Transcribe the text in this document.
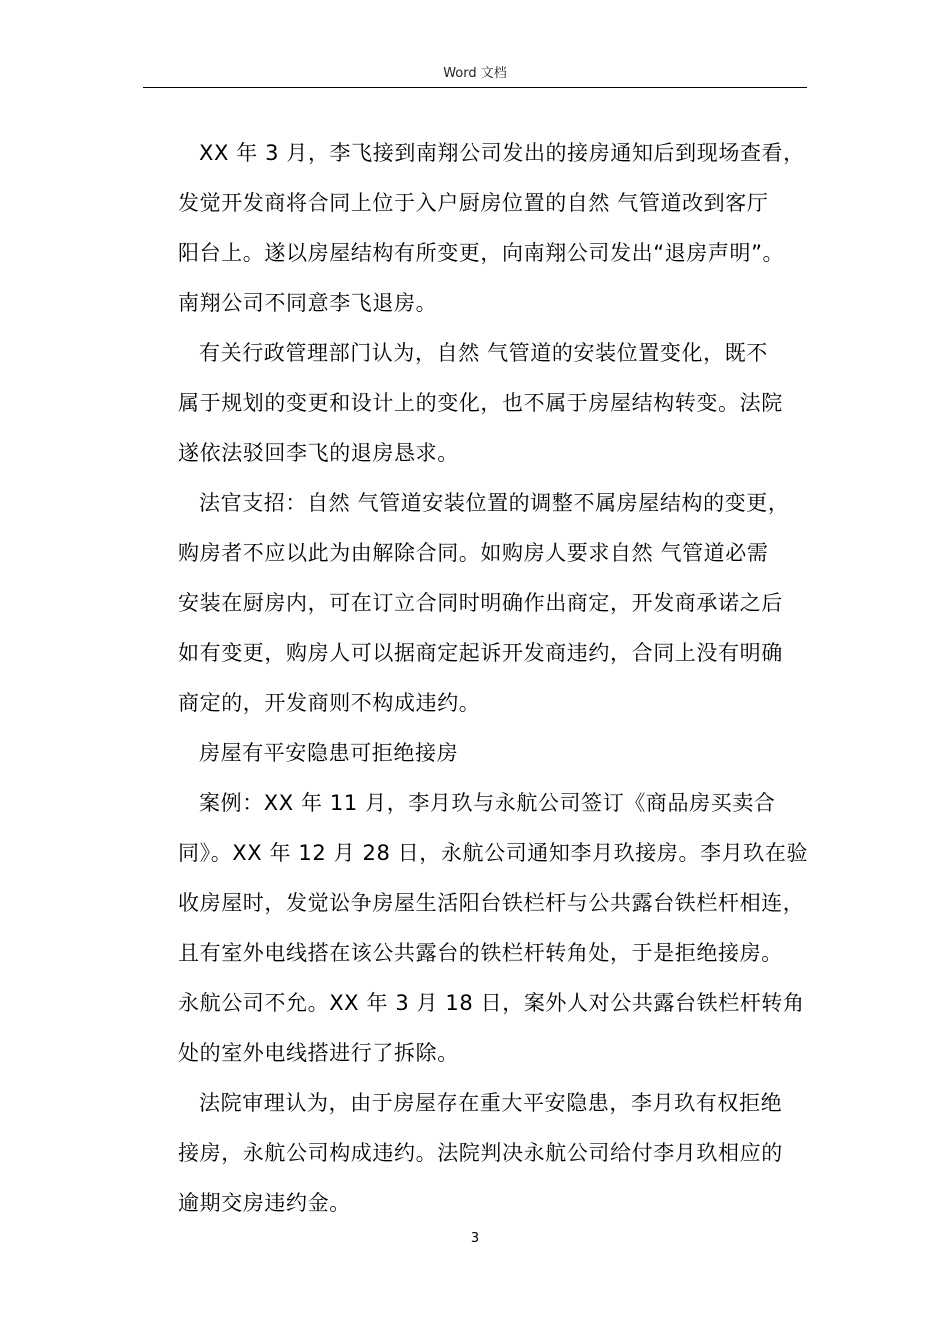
Word 文档
XX 年 3 月，李飞接到南翔公司发出的接房通知后到现场查看，
发觉开发商将合同上位于入户厨房位置的自然 气管道改到客厅
阳台上。遂以房屋结构有所变更，向南翔公司发出“退房声明”。
南翔公司不同意李飞退房。
有关行政管理部门认为，自然 气管道的安装位置变化，既不
属于规划的变更和设计上的变化，也不属于房屋结构转变。法院
遂依法驳回李飞的退房恳求。
法官支招：自然 气管道安装位置的调整不属房屋结构的变更，
购房者不应以此为由解除合同。如购房人要求自然 气管道必需
安装在厨房内，可在订立合同时明确作出商定，开发商承诺之后
如有变更，购房人可以据商定起诉开发商违约，合同上没有明确
商定的，开发商则不构成违约。
房屋有平安隐患可拒绝接房
案例：XX 年 11 月，李月玖与永航公司签订《商品房买卖合
同》。XX 年 12 月 28 日，永航公司通知李月玖接房。李月玖在验
收房屋时，发觉讼争房屋生活阳台铁栏杆与公共露台铁栏杆相连，
且有室外电线搭在该公共露台的铁栏杆转角处，于是拒绝接房。
永航公司不允。XX 年 3 月 18 日，案外人对公共露台铁栏杆转角
处的室外电线搭进行了拆除。
法院审理认为，由于房屋存在重大平安隐患，李月玖有权拒绝
接房，永航公司构成违约。法院判决永航公司给付李月玖相应的
逾期交房违约金。
3
